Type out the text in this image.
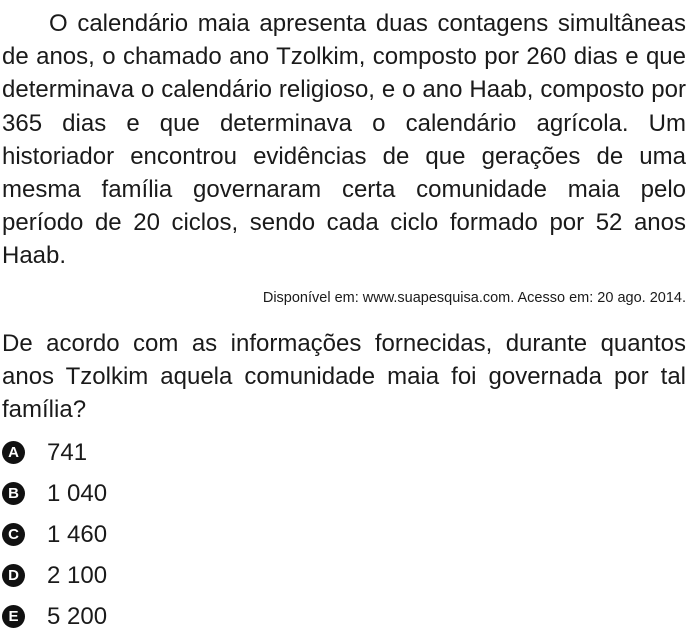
O calendário maia apresenta duas contagens simultâneas de anos, o chamado ano Tzolkim, composto por 260 dias e que determinava o calendário religioso, e o ano Haab, composto por 365 dias e que determinava o calendário agrícola. Um historiador encontrou evidências de que gerações de uma mesma família governaram certa comunidade maia pelo período de 20 ciclos, sendo cada ciclo formado por 52 anos Haab.

Disponível em: www.suapesquisa.com. Acesso em: 20 ago. 2014.

De acordo com as informações fornecidas, durante quantos anos Tzolkim aquela comunidade maia foi governada por tal família?

A 741
B 1 040
C 1 460
D 2 100
E 5 200
